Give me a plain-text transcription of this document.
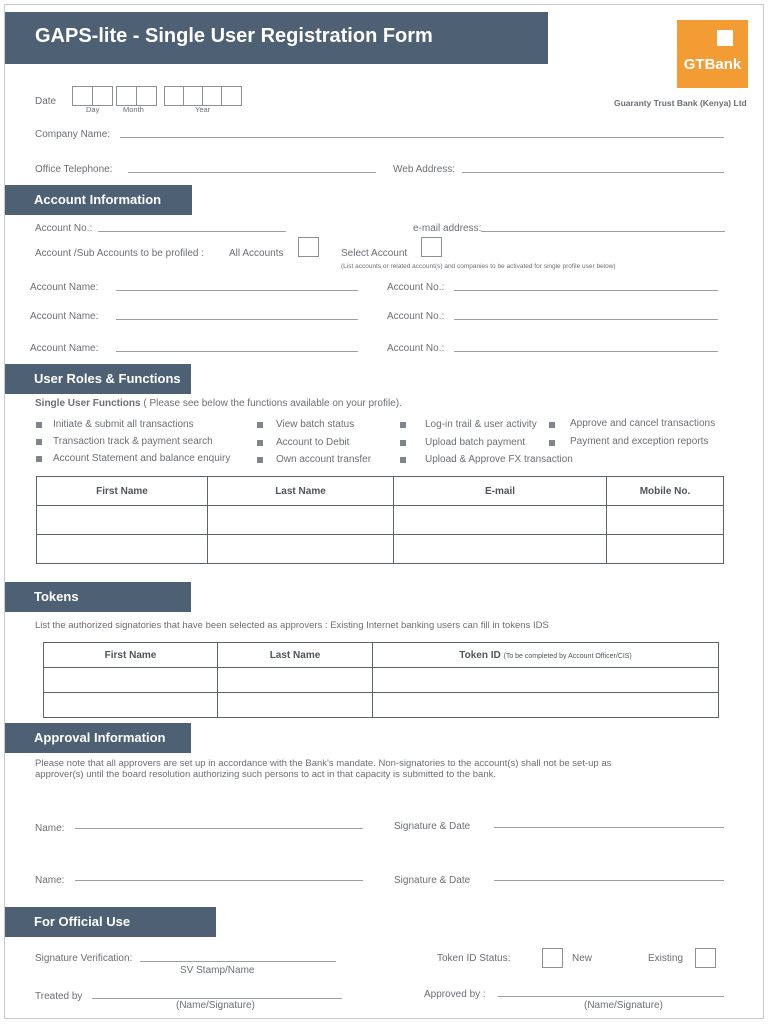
GAPS-lite - Single User Registration Form
GTBank
Guaranty Trust Bank (Kenya) Ltd
Date
Day	Month	Year
Company Name:
Office Telephone:	Web Address:
Account Information
Account No.:	e-mail address:
Account /Sub Accounts to be profiled :	All Accounts	Select Account
(List accounts or related account(s) and companies to be activated for single profile user below)
Account Name:	Account No.:
Account Name:	Account No.:
Account Name:	Account No.:
User Roles & Functions
Single User Functions ( Please see below the functions available on your profile).
Initiate & submit all transactions
Transaction track & payment search
Account Statement and balance enquiry
View batch status
Account to Debit
Own account transfer
Log-in trail & user activity
Upload batch payment
Upload & Approve FX transaction
Approve and cancel transactions
Payment and exception reports
First Name	Last Name	E-mail	Mobile No.

Tokens
List the authorized signatories that have been selected as approvers : Existing Internet banking users can fill in tokens IDS
First Name	Last Name	Token ID (To be completed by Account Officer/CIS)

Approval Information
Please note that all approvers are set up in accordance with the Bank's mandate. Non-signatories to the account(s) shall not be set-up as
approver(s) until the board resolution authorizing such persons to act in that capacity is submitted to the bank.
Name:	Signature & Date
Name:	Signature & Date
For Official Use
Signature Verification:
SV Stamp/Name
Token ID Status:	New	Existing
Treated by
(Name/Signature)
Approved by :
(Name/Signature)
